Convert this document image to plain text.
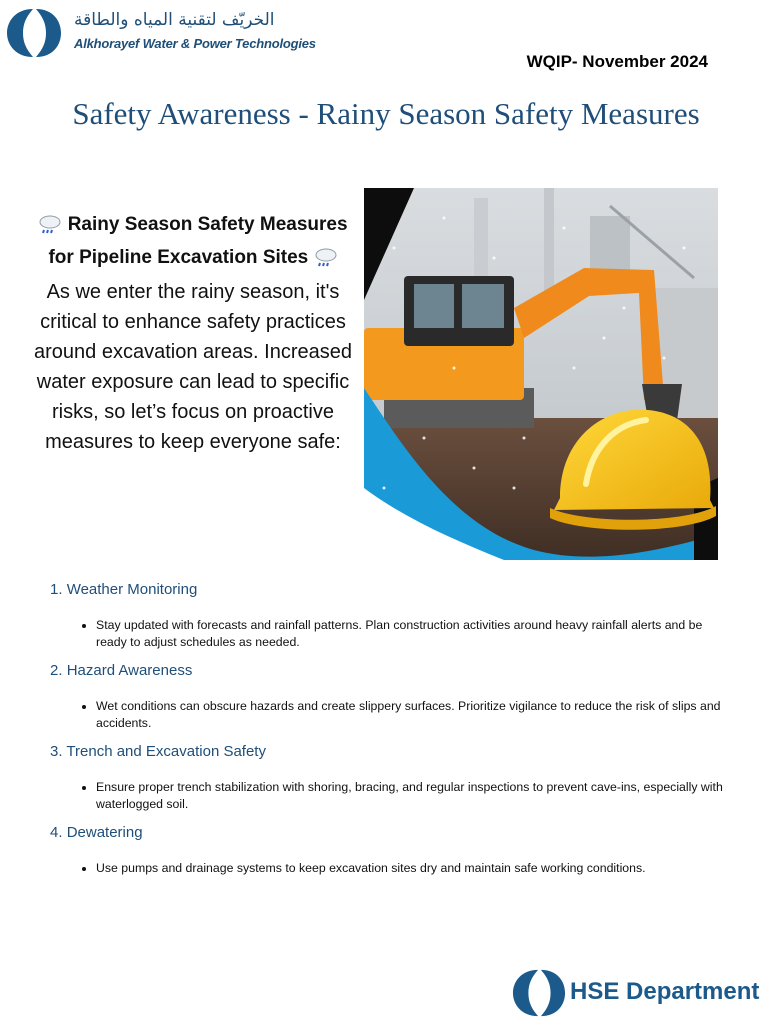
الخريّف لتقنية المياه والطاقة
Alkhorayef Water & Power Technologies
WQIP- November 2024
Safety Awareness - Rainy Season Safety Measures
Rainy Season Safety Measures
for Pipeline Excavation Sites
As we enter the rainy season, it's critical to enhance safety practices around excavation areas. Increased water exposure can lead to specific risks, so let’s focus on proactive measures to keep everyone safe:
1. Weather Monitoring
• Stay updated with forecasts and rainfall patterns. Plan construction activities around heavy rainfall alerts and be ready to adjust schedules as needed.
2. Hazard Awareness
• Wet conditions can obscure hazards and create slippery surfaces. Prioritize vigilance to reduce the risk of slips and accidents.
3. Trench and Excavation Safety
• Ensure proper trench stabilization with shoring, bracing, and regular inspections to prevent cave-ins, especially with waterlogged soil.
4. Dewatering
• Use pumps and drainage systems to keep excavation sites dry and maintain safe working conditions.
HSE Department
